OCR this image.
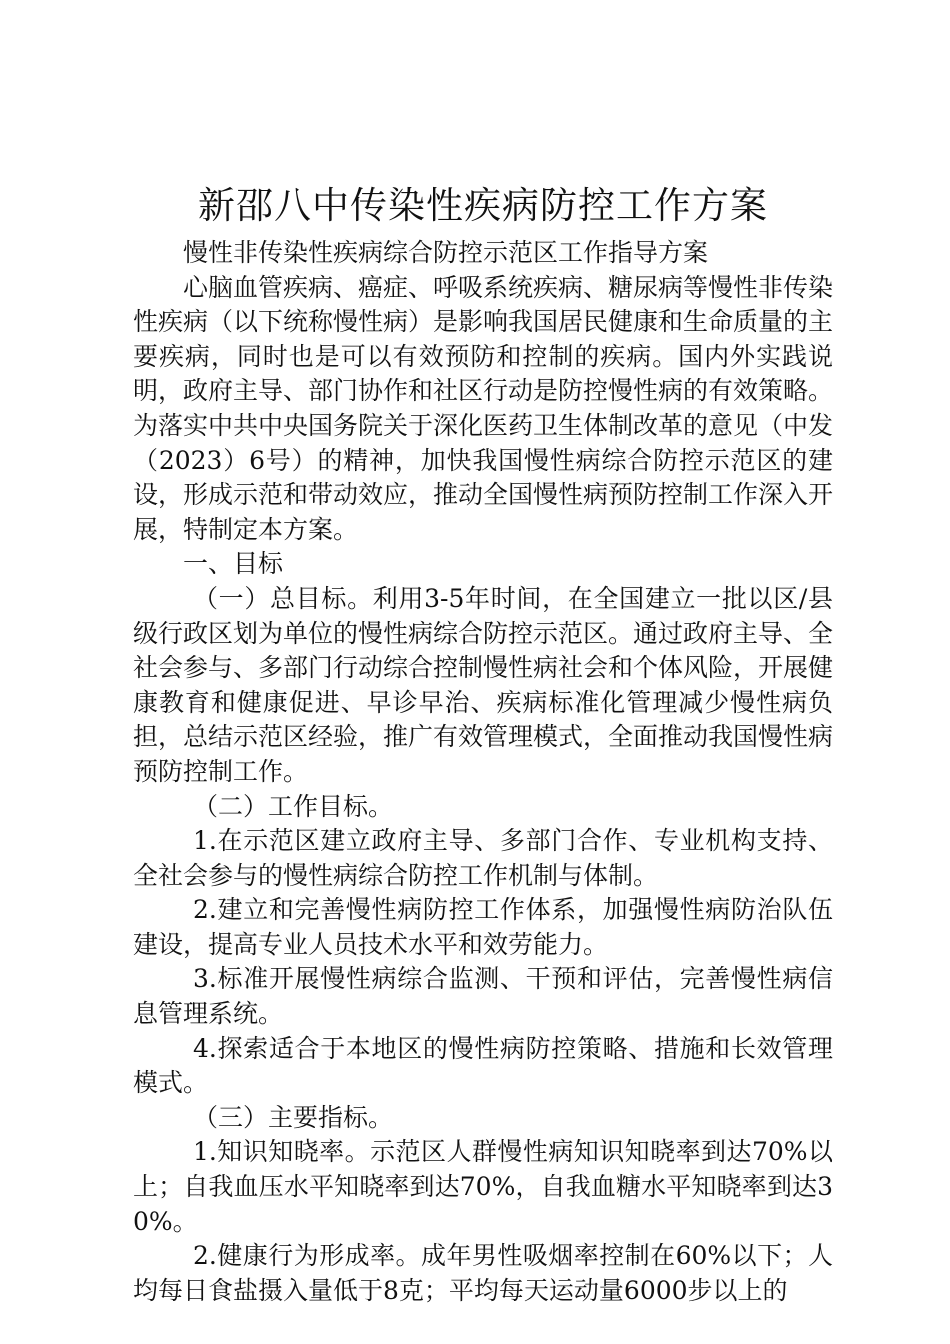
新邵八中传染性疾病防控工作方案

慢性非传染性疾病综合防控示范区工作指导方案

心脑血管疾病、癌症、呼吸系统疾病、糖尿病等慢性非传染性疾病（以下统称慢性病）是影响我国居民健康和生命质量的主要疾病，同时也是可以有效预防和控制的疾病。国内外实践说明，政府主导、部门协作和社区行动是防控慢性病的有效策略。为落实中共中央国务院关于深化医药卫生体制改革的意见（中发（2023）6号）的精神，加快我国慢性病综合防控示范区的建设，形成示范和带动效应，推动全国慢性病预防控制工作深入开展，特制定本方案。

一、目标

（一）总目标。利用3-5年时间，在全国建立一批以区/县级行政区划为单位的慢性病综合防控示范区。通过政府主导、全社会参与、多部门行动综合控制慢性病社会和个体风险，开展健康教育和健康促进、早诊早治、疾病标准化管理减少慢性病负担，总结示范区经验，推广有效管理模式，全面推动我国慢性病预防控制工作。

（二）工作目标。

1.在示范区建立政府主导、多部门合作、专业机构支持、全社会参与的慢性病综合防控工作机制与体制。

2.建立和完善慢性病防控工作体系，加强慢性病防治队伍建设，提高专业人员技术水平和效劳能力。

3.标准开展慢性病综合监测、干预和评估，完善慢性病信息管理系统。

4.探索适合于本地区的慢性病防控策略、措施和长效管理模式。

（三）主要指标。

1.知识知晓率。示范区人群慢性病知识知晓率到达70%以上；自我血压水平知晓率到达70%，自我血糖水平知晓率到达30%。

2.健康行为形成率。成年男性吸烟率控制在60%以下；人均每日食盐摄入量低于8克；平均每天运动量6000步以上的
